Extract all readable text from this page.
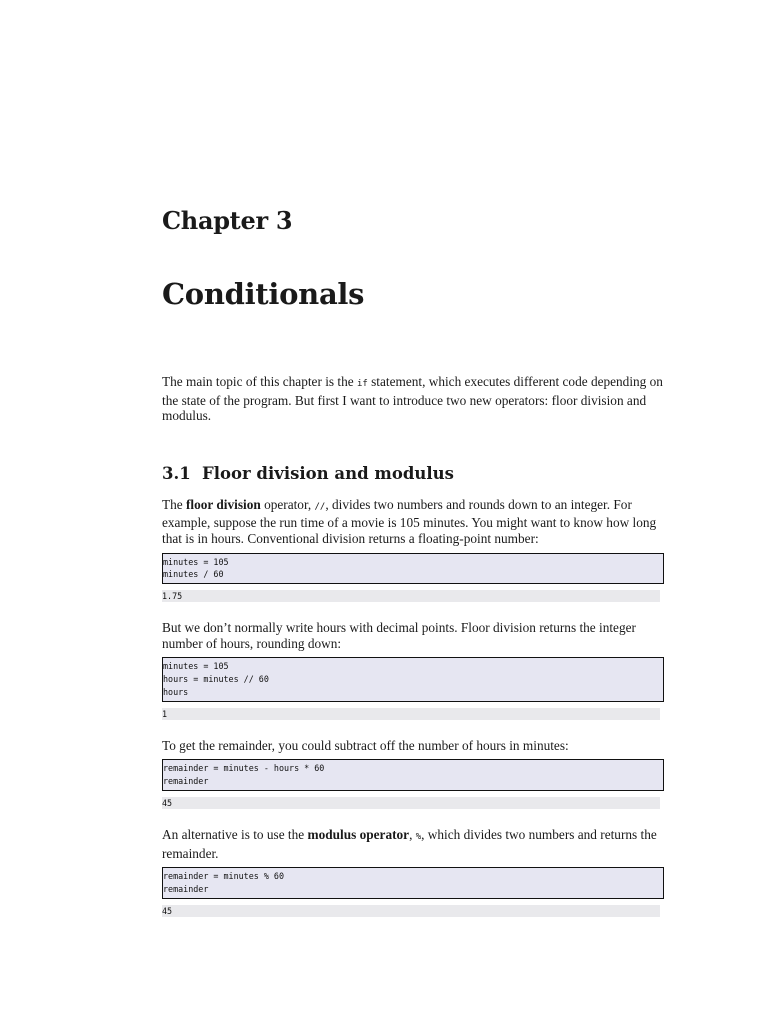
Chapter 3
Conditionals

The main topic of this chapter is the if statement, which executes different code depending on the state of the program. But first I want to introduce two new operators: floor division and modulus.

3.1 Floor division and modulus

The floor division operator, //, divides two numbers and rounds down to an integer. For example, suppose the run time of a movie is 105 minutes. You might want to know how long that is in hours. Conventional division returns a floating-point number:

minutes = 105
minutes / 60
1.75

But we don’t normally write hours with decimal points. Floor division returns the integer number of hours, rounding down:

minutes = 105
hours = minutes // 60
hours
1

To get the remainder, you could subtract off the number of hours in minutes:

remainder = minutes - hours * 60
remainder
45

An alternative is to use the modulus operator, %, which divides two numbers and returns the remainder.

remainder = minutes % 60
remainder
45
